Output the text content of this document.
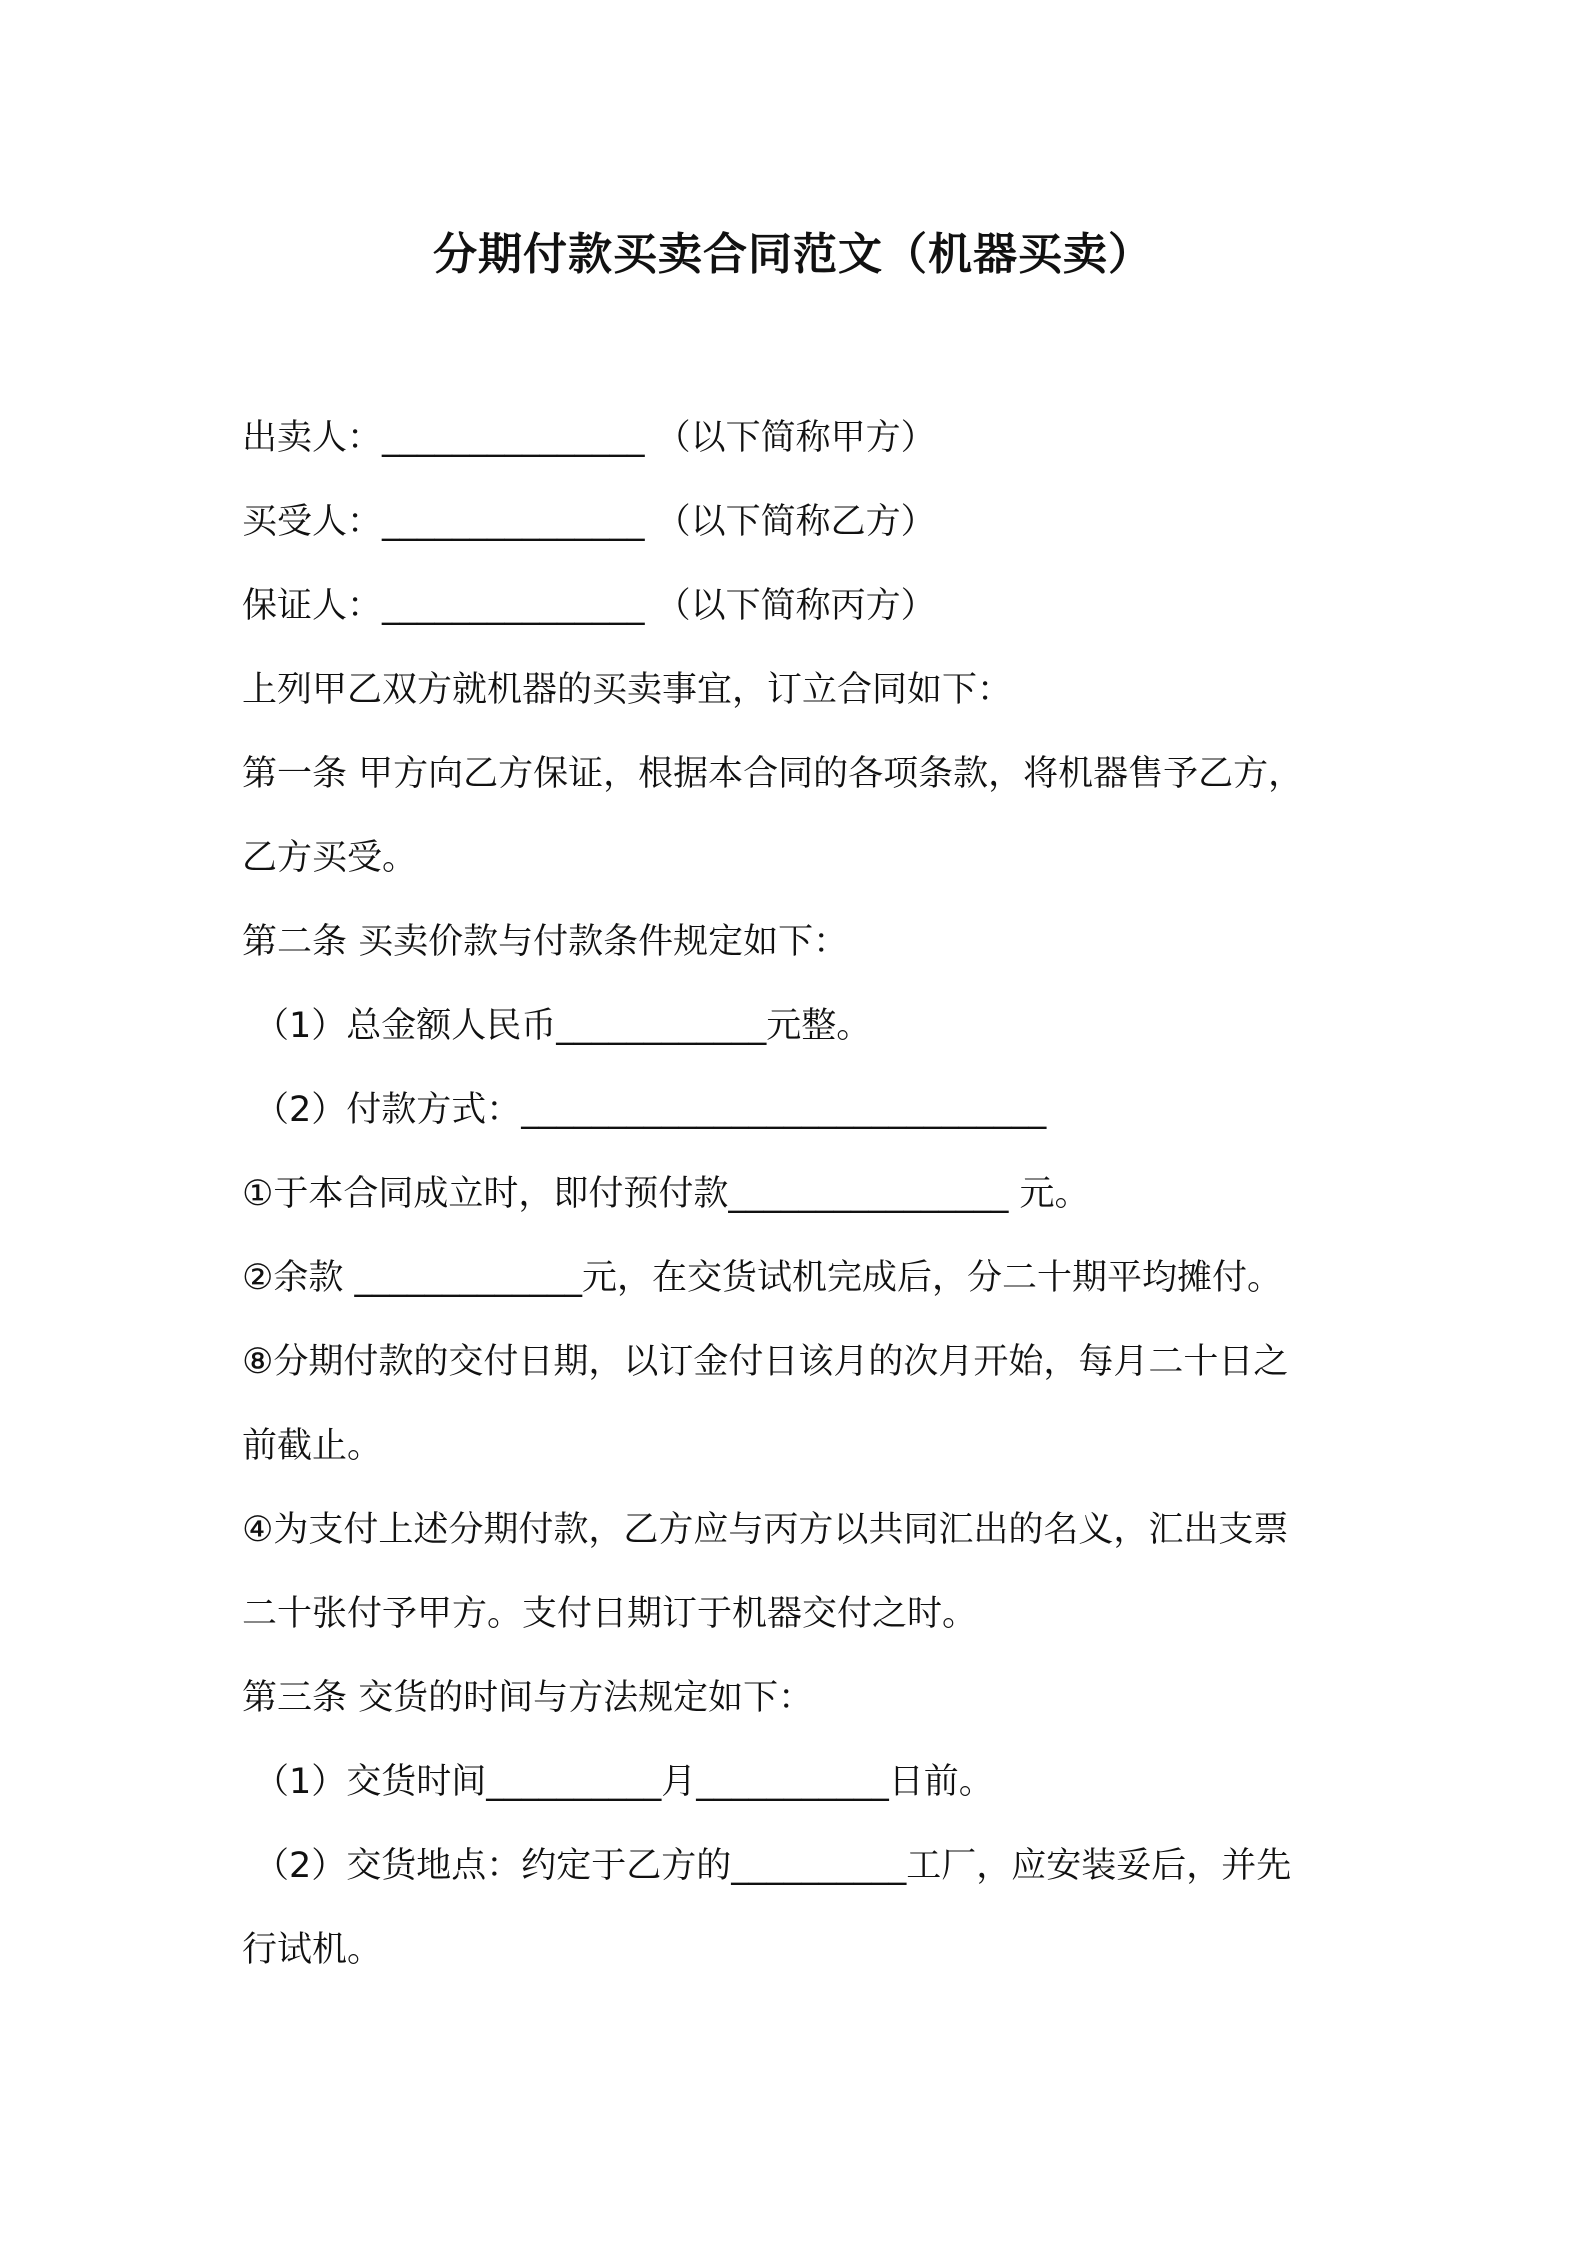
分期付款买卖合同范文（机器买卖）
出卖人：_______________ （以下简称甲方）
买受人：_______________ （以下简称乙方）
保证人：_______________ （以下简称丙方）
上列甲乙双方就机器的买卖事宜，订立合同如下：
第一条 甲方向乙方保证，根据本合同的各项条款，将机器售予乙方，
乙方买受。
第二条 买卖价款与付款条件规定如下：
（1）总金额人民币____________元整。
（2）付款方式：______________________________
①于本合同成立时，即付预付款________________ 元。
②余款 _____________元，在交货试机完成后，分二十期平均摊付。
⑧分期付款的交付日期，以订金付日该月的次月开始，每月二十日之
前截止。
④为支付上述分期付款，乙方应与丙方以共同汇出的名义，汇出支票
二十张付予甲方。支付日期订于机器交付之时。
第三条 交货的时间与方法规定如下：
（1）交货时间__________月___________日前。
（2）交货地点：约定于乙方的__________工厂，应安装妥后，并先
行试机。
